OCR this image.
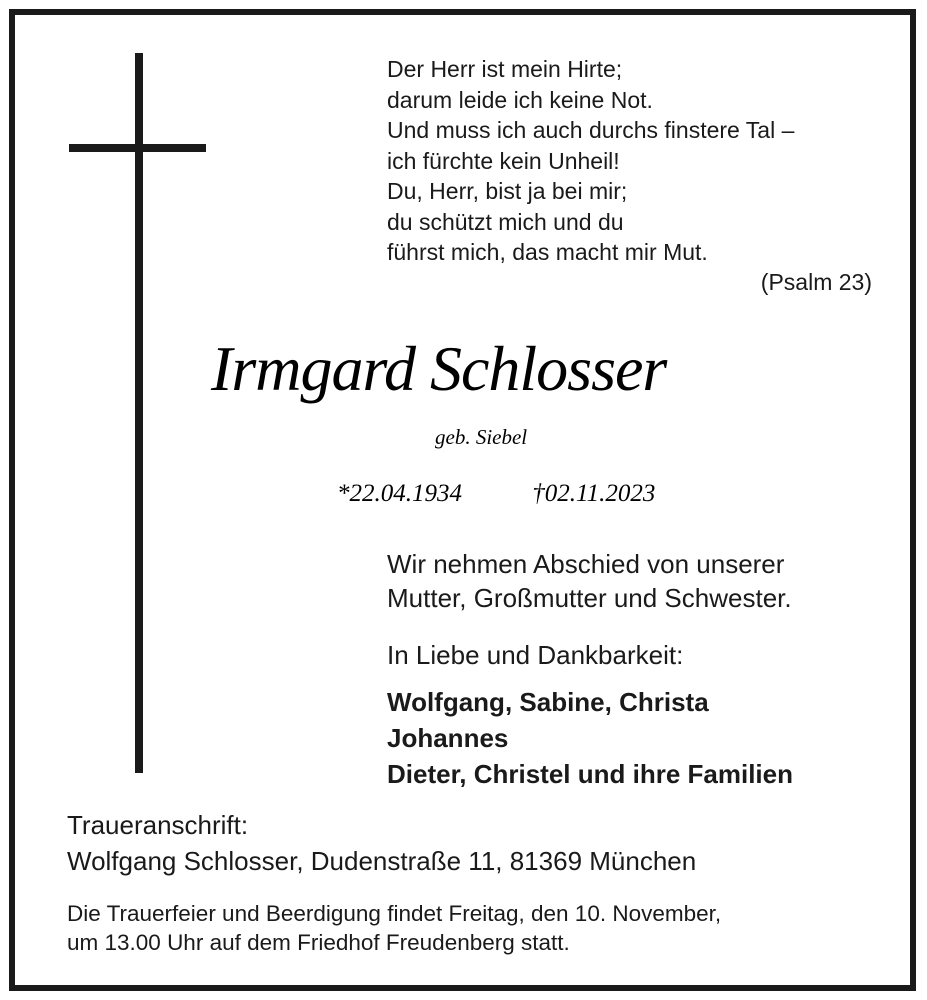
Der Herr ist mein Hirte;
darum leide ich keine Not.
Und muss ich auch durchs finstere Tal –
ich fürchte kein Unheil!
Du, Herr, bist ja bei mir;
du schützt mich und du
führst mich, das macht mir Mut.
(Psalm 23)
Irmgard Schlosser
geb. Siebel
*22.04.1934	†02.11.2023
Wir nehmen Abschied von unserer
Mutter, Großmutter und Schwester.
In Liebe und Dankbarkeit:
Wolfgang, Sabine, Christa
Johannes
Dieter, Christel und ihre Familien
Traueranschrift:
Wolfgang Schlosser, Dudenstraße 11, 81369 München
Die Trauerfeier und Beerdigung findet Freitag, den 10. November,
um 13.00 Uhr auf dem Friedhof Freudenberg statt.
